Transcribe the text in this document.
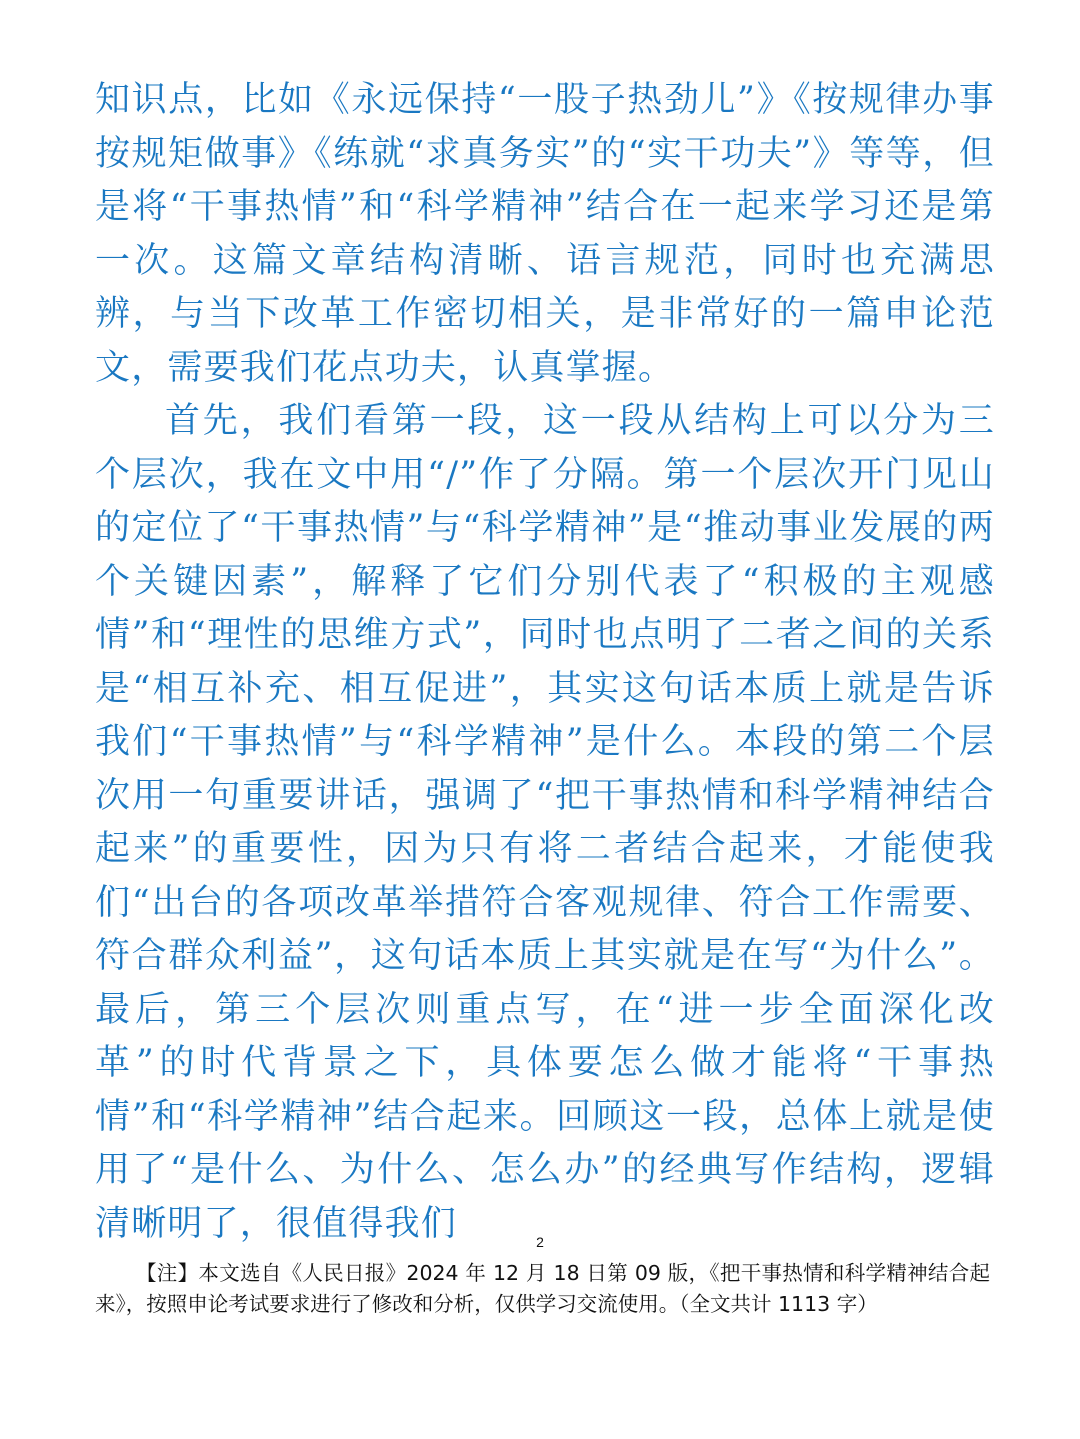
知识点，比如《永远保持“一股子热劲儿”》《按规律办事 按规矩做事》《练就“求真务实”的“实干功夫”》等等，但是将“干事热情”和“科学精神”结合在一起来学习还是第一次。这篇文章结构清晰、语言规范，同时也充满思辨，与当下改革工作密切相关，是非常好的一篇申论范文，需要我们花点功夫，认真掌握。

首先，我们看第一段，这一段从结构上可以分为三个层次，我在文中用“/”作了分隔。第一个层次开门见山的定位了“干事热情”与“科学精神”是“推动事业发展的两个关键因素”，解释了它们分别代表了“积极的主观感情”和“理性的思维方式”，同时也点明了二者之间的关系是“相互补充、相互促进”，其实这句话本质上就是告诉我们“干事热情”与“科学精神”是什么。本段的第二个层次用一句重要讲话，强调了“把干事热情和科学精神结合起来”的重要性，因为只有将二者结合起来，才能使我们“出台的各项改革举措符合客观规律、符合工作需要、符合群众利益”，这句话本质上其实就是在写“为什么”。最后，第三个层次则重点写，在“进一步全面深化改革”的时代背景之下，具体要怎么做才能将“干事热情”和“科学精神”结合起来。回顾这一段，总体上就是使用了“是什么、为什么、怎么办”的经典写作结构，逻辑清晰明了，很值得我们	2
【注】本文选自《人民日报》2024 年 12 月 18 日第 09 版，《把干事热情和科学精神结合起来》，按照申论考试要求进行了修改和分析，仅供学习交流使用。（全文共计 1113 字）
